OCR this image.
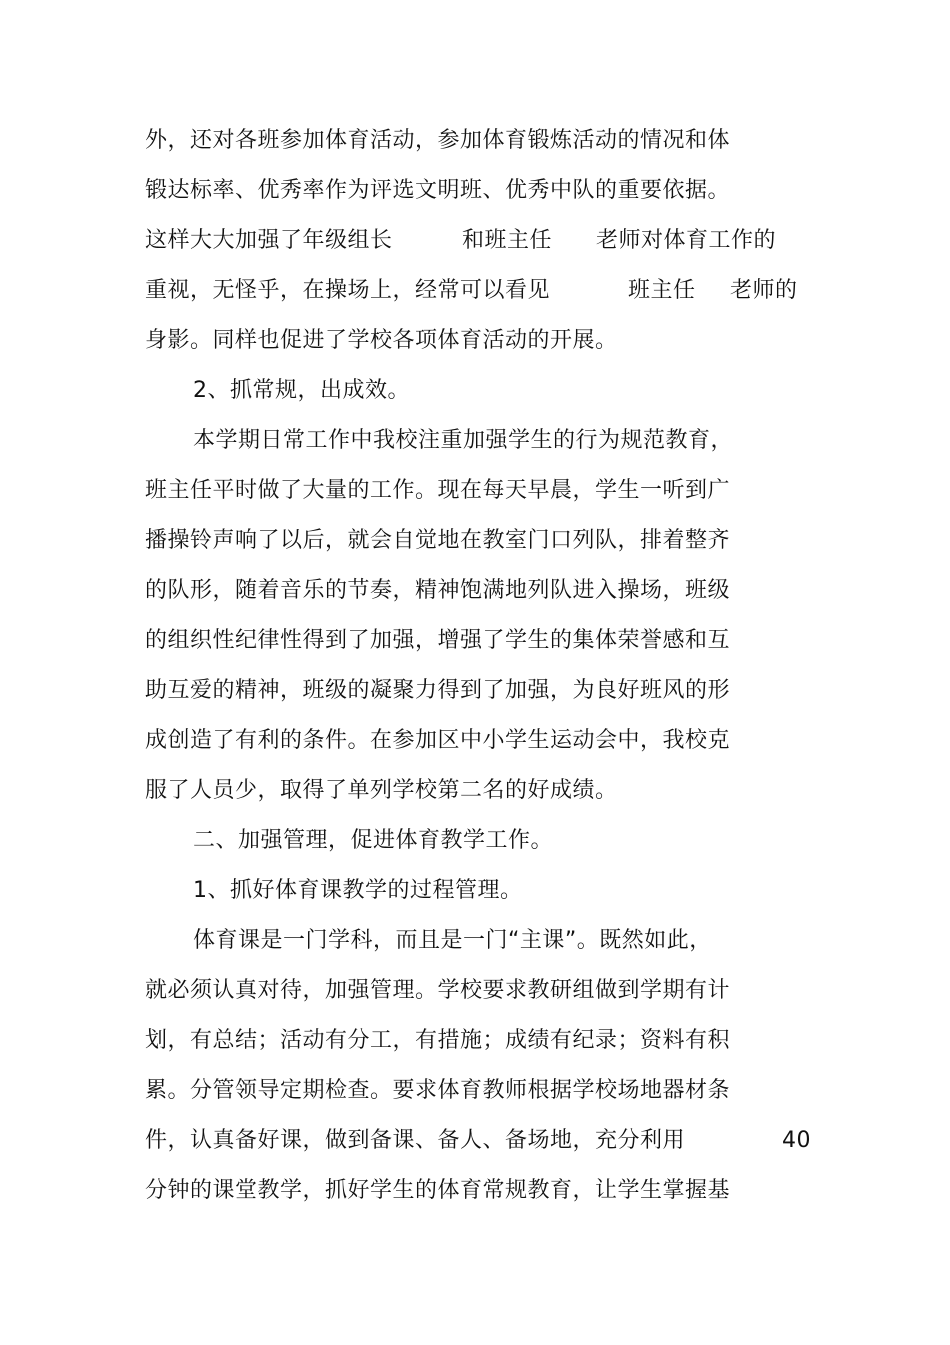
外，还对各班参加体育活动，参加体育锻炼活动的情况和体
锻达标率、优秀率作为评选文明班、优秀中队的重要依据。
这样大大加强了年级组长	和班主任 老师对体育工作的
重视，无怪乎，在操场上，经常可以看见	班主任 老师的
身影。同样也促进了学校各项体育活动的开展。
2、抓常规，出成效。
本学期日常工作中我校注重加强学生的行为规范教育，
班主任平时做了大量的工作。现在每天早晨，学生一听到广
播操铃声响了以后，就会自觉地在教室门口列队，排着整齐
的队形，随着音乐的节奏，精神饱满地列队进入操场，班级
的组织性纪律性得到了加强，增强了学生的集体荣誉感和互
助互爱的精神，班级的凝聚力得到了加强，为良好班风的形
成创造了有利的条件。在参加区中小学生运动会中，我校克
服了人员少，取得了单列学校第二名的好成绩。
二、加强管理，促进体育教学工作。
1、抓好体育课教学的过程管理。
体育课是一门学科，而且是一门“主课”。既然如此，
就必须认真对待，加强管理。学校要求教研组做到学期有计
划，有总结；活动有分工，有措施；成绩有纪录；资料有积
累。分管领导定期检查。要求体育教师根据学校场地器材条
件，认真备好课，做到备课、备人、备场地，充分利用	40
分钟的课堂教学，抓好学生的体育常规教育，让学生掌握基
